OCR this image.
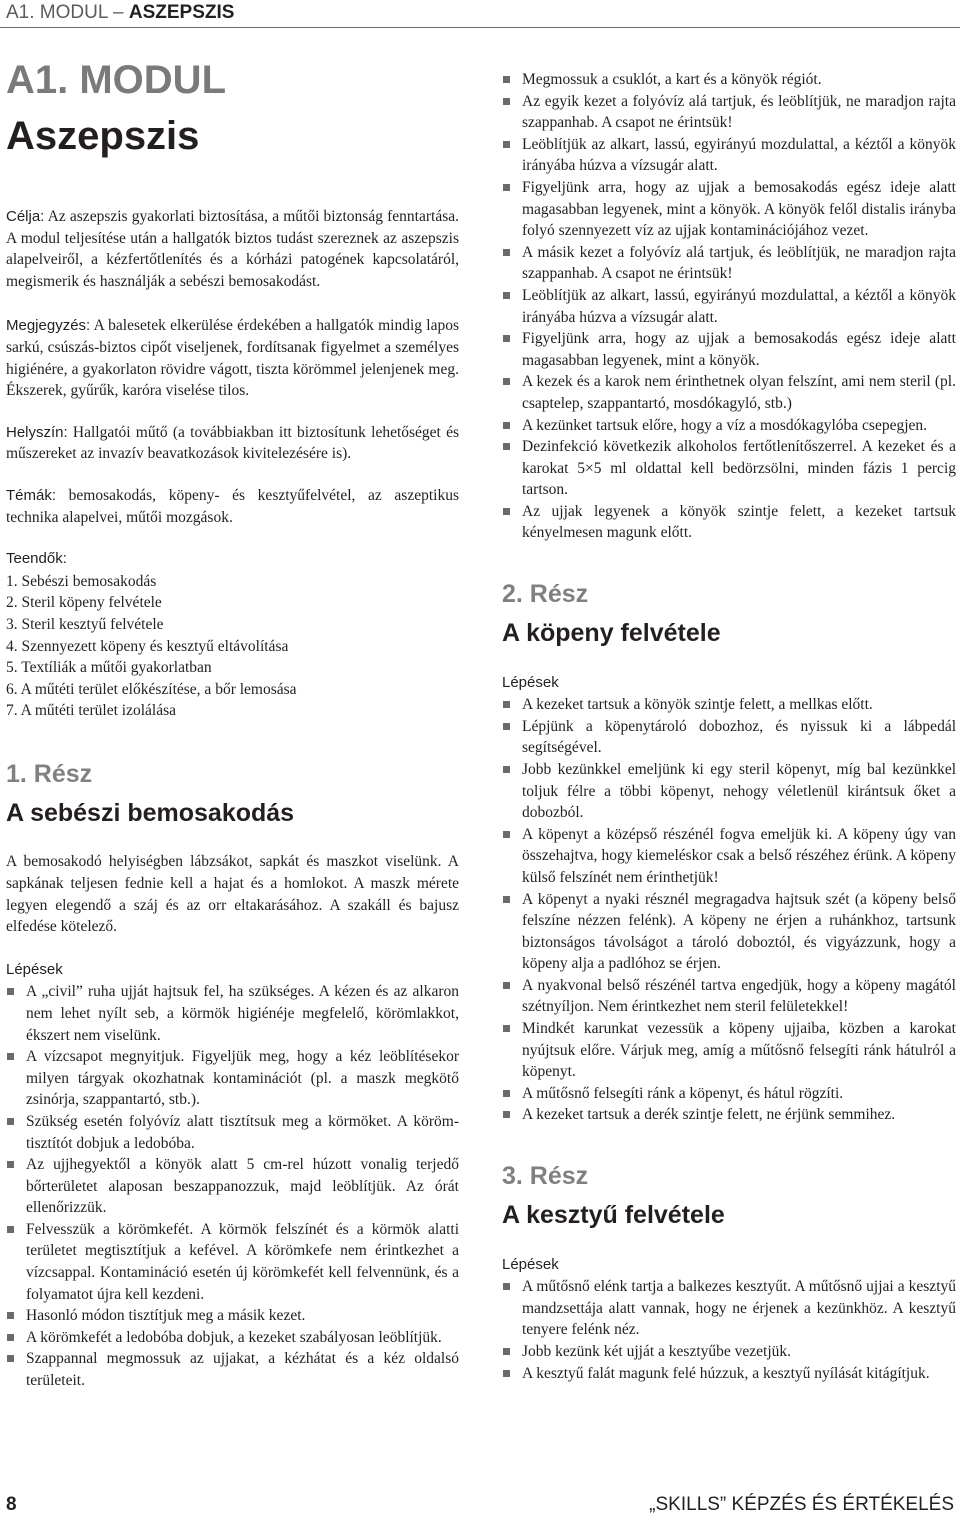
A1. MODUL – ASZEPSZIS
A1. MODUL
Aszepszis

Célja: Az aszepszis gyakorlati biztosítása, a műtői biztonság fenntartása. A modul teljesítése után a hallgatók biztos tudást szereznek az aszepszis alapelveiről, a kézfertőtlenítés és a kórházi patogének kapcsolatáról, megismerik és használják a sebészi bemosakodást.

Megjegyzés: A balesetek elkerülése érdekében a hallgatók mindig lapos sarkú, csúszás-biztos cipőt viseljenek, fordítsanak figyelmet a személyes higiénére, a gyakorlaton rövidre vágott, tiszta körömmel jelenjenek meg. Ékszerek, gyűrűk, karóra viselése tilos.

Helyszín: Hallgatói műtő (a továbbiakban itt biztosítunk lehetőséget és műszereket az invazív beavatkozások kivitelezésére is).

Témák: bemosakodás, köpeny- és kesztyűfelvétel, az aszeptikus technika alapelvei, műtői mozgások.

Teendők:
1. Sebészi bemosakodás
2. Steril köpeny felvétele
3. Steril kesztyű felvétele
4. Szennyezett köpeny és kesztyű eltávolítása
5. Textíliák a műtői gyakorlatban
6. A műtéti terület előkészítése, a bőr lemosása
7. A műtéti terület izolálása
1. Rész
A sebészi bemosakodás

A bemosakodó helyiségben lábzsákot, sapkát és maszkot viselünk. A sapkának teljesen fednie kell a hajat és a homlokot. A maszk mérete legyen elegendő a száj és az orr eltakarásához. A szakáll és bajusz elfedése kötelező.

Lépések
A „civil” ruha ujját hajtsuk fel, ha szükséges. A kézen és az alkaron nem lehet nyílt seb, a körmök higiénéje megfelelő, körömlakkot, ékszert nem viselünk.
A vízcsapot megnyitjuk. Figyeljük meg, hogy a kéz leöblítésekor milyen tárgyak okozhatnak kontaminációt (pl. a maszk megkötő zsinórja, szappantartó, stb.).
Szükség esetén folyóvíz alatt tisztítsuk meg a körmöket. A körömtisztítót dobjuk a ledobóba.
Az ujjhegyektől a könyök alatt 5 cm-rel húzott vonalig terjedő bőrterületet alaposan beszappanozzuk, majd leöblítjük. Az órát ellenőrizzük.
Felvesszük a körömkefét. A körmök felszínét és a körmök alatti területet megtisztítjuk a kefével. A körömkefe nem érintkezhet a vízcsappal. Kontamináció esetén új körömkefét kell felvennünk, és a folyamatot újra kell kezdeni.
Hasonló módon tisztítjuk meg a másik kezet.
A körömkefét a ledobóba dobjuk, a kezeket szabályosan leöblítjük.
Szappannal megmossuk az ujjakat, a kézhátat és a kéz oldalsó területeit.
Megmossuk a csuklót, a kart és a könyök régiót.
Az egyik kezet a folyóvíz alá tartjuk, és leöblítjük, ne maradjon rajta szappanhab. A csapot ne érintsük!
Leöblítjük az alkart, lassú, egyirányú mozdulattal, a kéztől a könyök irányába húzva a vízsugár alatt.
Figyeljünk arra, hogy az ujjak a bemosakodás egész ideje alatt magasabban legyenek, mint a könyök. A könyök felől distalis irányba folyó szennyezett víz az ujjak kontaminációjához vezet.
A másik kezet a folyóvíz alá tartjuk, és leöblítjük, ne maradjon rajta szappanhab. A csapot ne érintsük!
Leöblítjük az alkart, lassú, egyirányú mozdulattal, a kéztől a könyök irányába húzva a vízsugár alatt.
Figyeljünk arra, hogy az ujjak a bemosakodás egész ideje alatt magasabban legyenek, mint a könyök.
A kezek és a karok nem érinthetnek olyan felszínt, ami nem steril (pl. csaptelep, szappantartó, mosdókagyló, stb.)
A kezünket tartsuk előre, hogy a víz a mosdókagylóba csepegjen.
Dezinfekció következik alkoholos fertőtlenítőszerrel. A kezeket és a karokat 5×5 ml oldattal kell bedörzsölni, minden fázis 1 percig tartson.
Az ujjak legyenek a könyök szintje felett, a kezeket tartsuk kényelmesen magunk előtt.
2. Rész
A köpeny felvétele
Lépések
A kezeket tartsuk a könyök szintje felett, a mellkas előtt.
Lépjünk a köpenytároló dobozhoz, és nyissuk ki a lábpedál segítségével.
Jobb kezünkkel emeljünk ki egy steril köpenyt, míg bal kezünkkel toljuk félre a többi köpenyt, nehogy véletlenül kirántsuk őket a dobozból.
A köpenyt a középső részénél fogva emeljük ki. A köpeny úgy van összehajtva, hogy kiemeléskor csak a belső részéhez érünk. A köpeny külső felszínét nem érinthetjük!
A köpenyt a nyaki résznél megragadva hajtsuk szét (a köpeny belső felszíne nézzen felénk). A köpeny ne érjen a ruhánkhoz, tartsunk biztonságos távolságot a tároló doboztól, és vigyázzunk, hogy a köpeny alja a padlóhoz se érjen.
A nyakvonal belső részénél tartva engedjük, hogy a köpeny magától szétnyíljon. Nem érintkezhet nem steril felületekkel!
Mindkét karunkat vezessük a köpeny ujjaiba, közben a karokat nyújtsuk előre. Várjuk meg, amíg a műtősnő felsegíti ránk hátulról a köpenyt.
A műtősnő felsegíti ránk a köpenyt, és hátul rögzíti.
A kezeket tartsuk a derék szintje felett, ne érjünk semmihez.
3. Rész
A kesztyű felvétele
Lépések
A műtősnő elénk tartja a balkezes kesztyűt. A műtősnő ujjai a kesztyű mandzsettája alatt vannak, hogy ne érjenek a kezünkhöz. A kesztyű tenyere felénk néz.
Jobb kezünk két ujját a kesztyűbe vezetjük.
A kesztyű falát magunk felé húzzuk, a kesztyű nyílását kitágítjuk.
8	„SKILLS” KÉPZÉS ÉS ÉRTÉKELÉS
